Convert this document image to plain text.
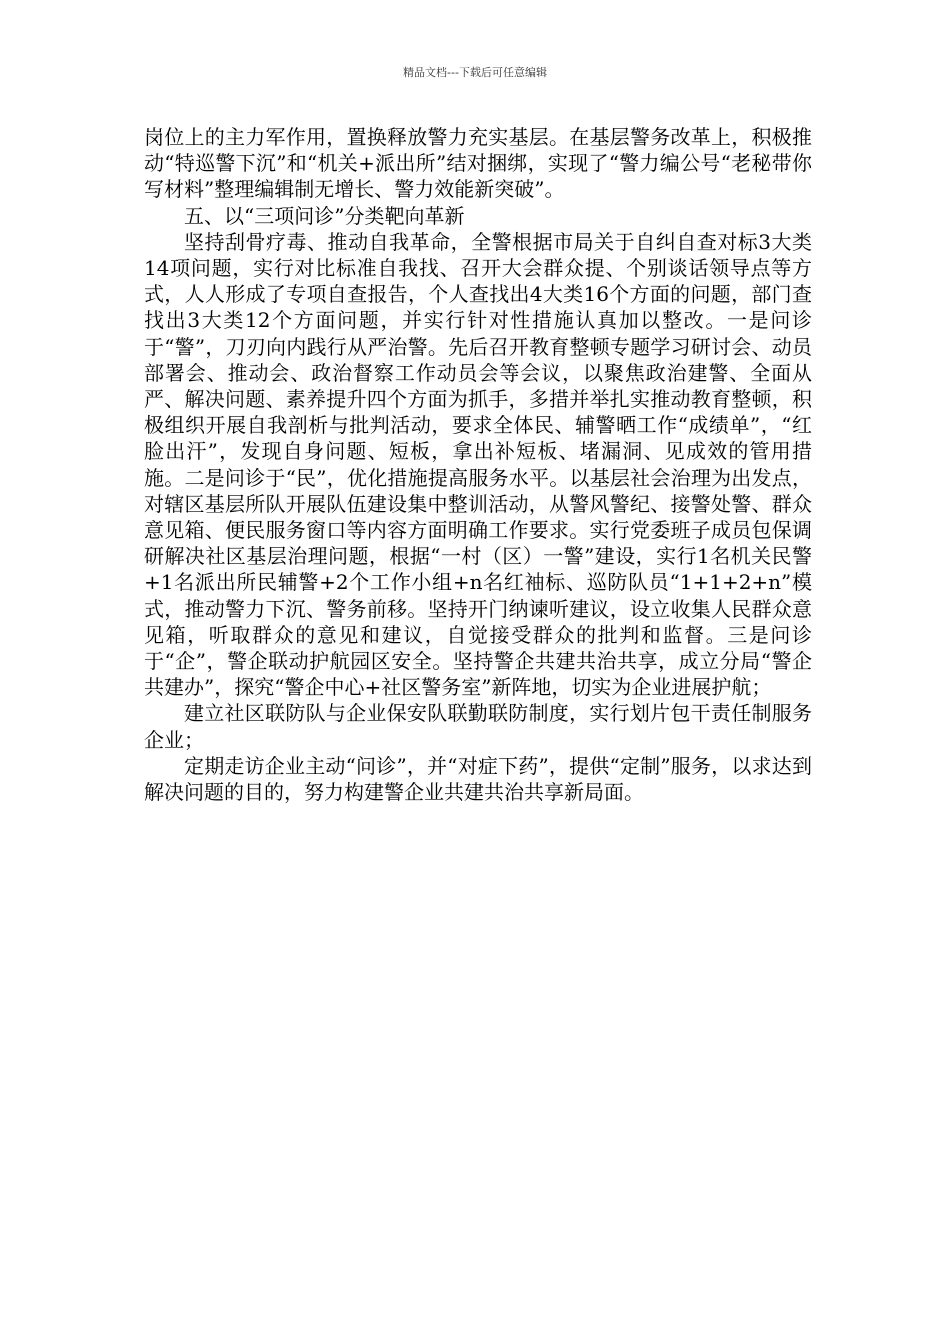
精品文档---下载后可任意编辑

岗位上的主力军作用，置换释放警力充实基层。在基层警务改革上，积极推动“特巡警下沉”和“机关+派出所”结对捆绑，实现了“警力编公号“老秘带你写材料”整理编辑制无增长、警力效能新突破”。

五、以“三项问诊”分类靶向革新

坚持刮骨疗毒、推动自我革命，全警根据市局关于自纠自查对标3大类14项问题，实行对比标准自我找、召开大会群众提、个别谈话领导点等方式，人人形成了专项自查报告，个人查找出4大类16个方面的问题，部门查找出3大类12个方面问题，并实行针对性措施认真加以整改。一是问诊于“警”，刀刃向内践行从严治警。先后召开教育整顿专题学习研讨会、动员部署会、推动会、政治督察工作动员会等会议，以聚焦政治建警、全面从严、解决问题、素养提升四个方面为抓手，多措并举扎实推动教育整顿，积极组织开展自我剖析与批判活动，要求全体民、辅警晒工作“成绩单”，“红脸出汗”，发现自身问题、短板，拿出补短板、堵漏洞、见成效的管用措施。二是问诊于“民”，优化措施提高服务水平。以基层社会治理为出发点，对辖区基层所队开展队伍建设集中整训活动，从警风警纪、接警处警、群众意见箱、便民服务窗口等内容方面明确工作要求。实行党委班子成员包保调研解决社区基层治理问题，根据“一村（区）一警”建设，实行1名机关民警+1名派出所民辅警+2个工作小组+n名红袖标、巡防队员“1+1+2+n”模式，推动警力下沉、警务前移。坚持开门纳谏听建议，设立收集人民群众意见箱，听取群众的意见和建议，自觉接受群众的批判和监督。三是问诊于“企”，警企联动护航园区安全。坚持警企共建共治共享，成立分局“警企共建办”，探究“警企中心+社区警务室”新阵地，切实为企业进展护航；

建立社区联防队与企业保安队联勤联防制度，实行划片包干责任制服务企业；

定期走访企业主动“问诊”，并“对症下药”，提供“定制”服务，以求达到解决问题的目的，努力构建警企业共建共治共享新局面。
